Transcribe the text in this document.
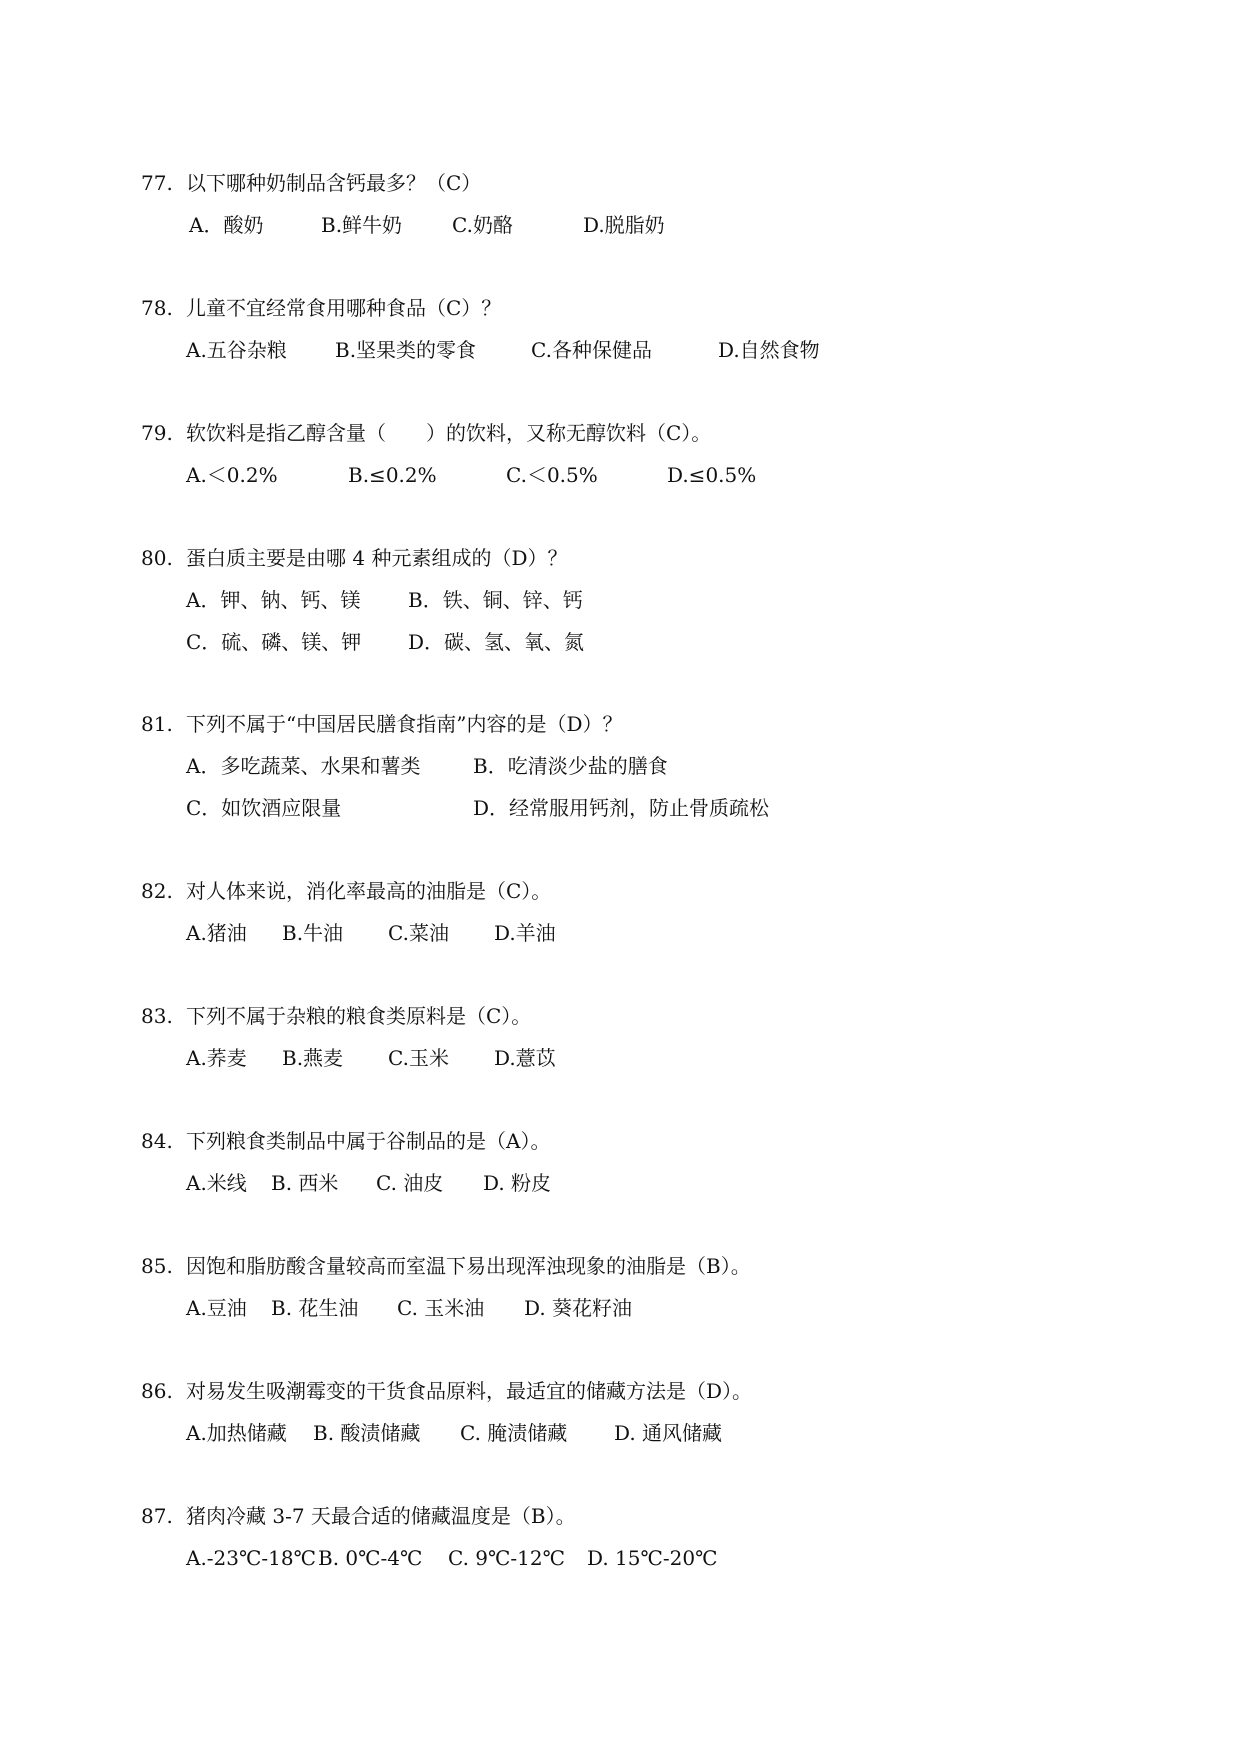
77. 以下哪种奶制品含钙最多？（C）
A．酸奶	B.鲜牛奶 C.奶酪	D.脱脂奶
78. 儿童不宜经常食用哪种食品（C）？
A.五谷杂粮 B.坚果类的零食	C.各种保健品	D.自然食物
79. 软饮料是指乙醇含量（　　）的饮料，又称无醇饮料（C）。
A.＜0.2%	B.≤0.2%	C.＜0.5%	D.≤0.5%
80. 蛋白质主要是由哪 4 种元素组成的（D）？
A．钾、钠、钙、镁 B．铁、铜、锌、钙
C．硫、磷、镁、钾 D．碳、氢、氧、氮
81. 下列不属于“中国居民膳食指南”内容的是（D）？
A．多吃蔬菜、水果和薯类	B．吃清淡少盐的膳食
C．如饮酒应限量	D．经常服用钙剂，防止骨质疏松
82. 对人体来说，消化率最高的油脂是（C）。
A.猪油 B.牛油 C.菜油 D.羊油
83. 下列不属于杂粮的粮食类原料是（C）。
A.荞麦 B.燕麦 C.玉米 D.薏苡
84. 下列粮食类制品中属于谷制品的是（A）。
A.米线 B. 西米 C. 油皮 D. 粉皮
85. 因饱和脂肪酸含量较高而室温下易出现浑浊现象的油脂是（B）。
A.豆油 B. 花生油 C. 玉米油 D. 葵花籽油
86. 对易发生吸潮霉变的干货食品原料，最适宜的储藏方法是（D）。
A.加热储藏 B. 酸渍储藏 C. 腌渍储藏 D. 通风储藏
87. 猪肉冷藏 3-7 天最合适的储藏温度是（B）。
A.-23℃-18℃ B. 0℃-4℃ C. 9℃-12℃ D. 15℃-20℃
